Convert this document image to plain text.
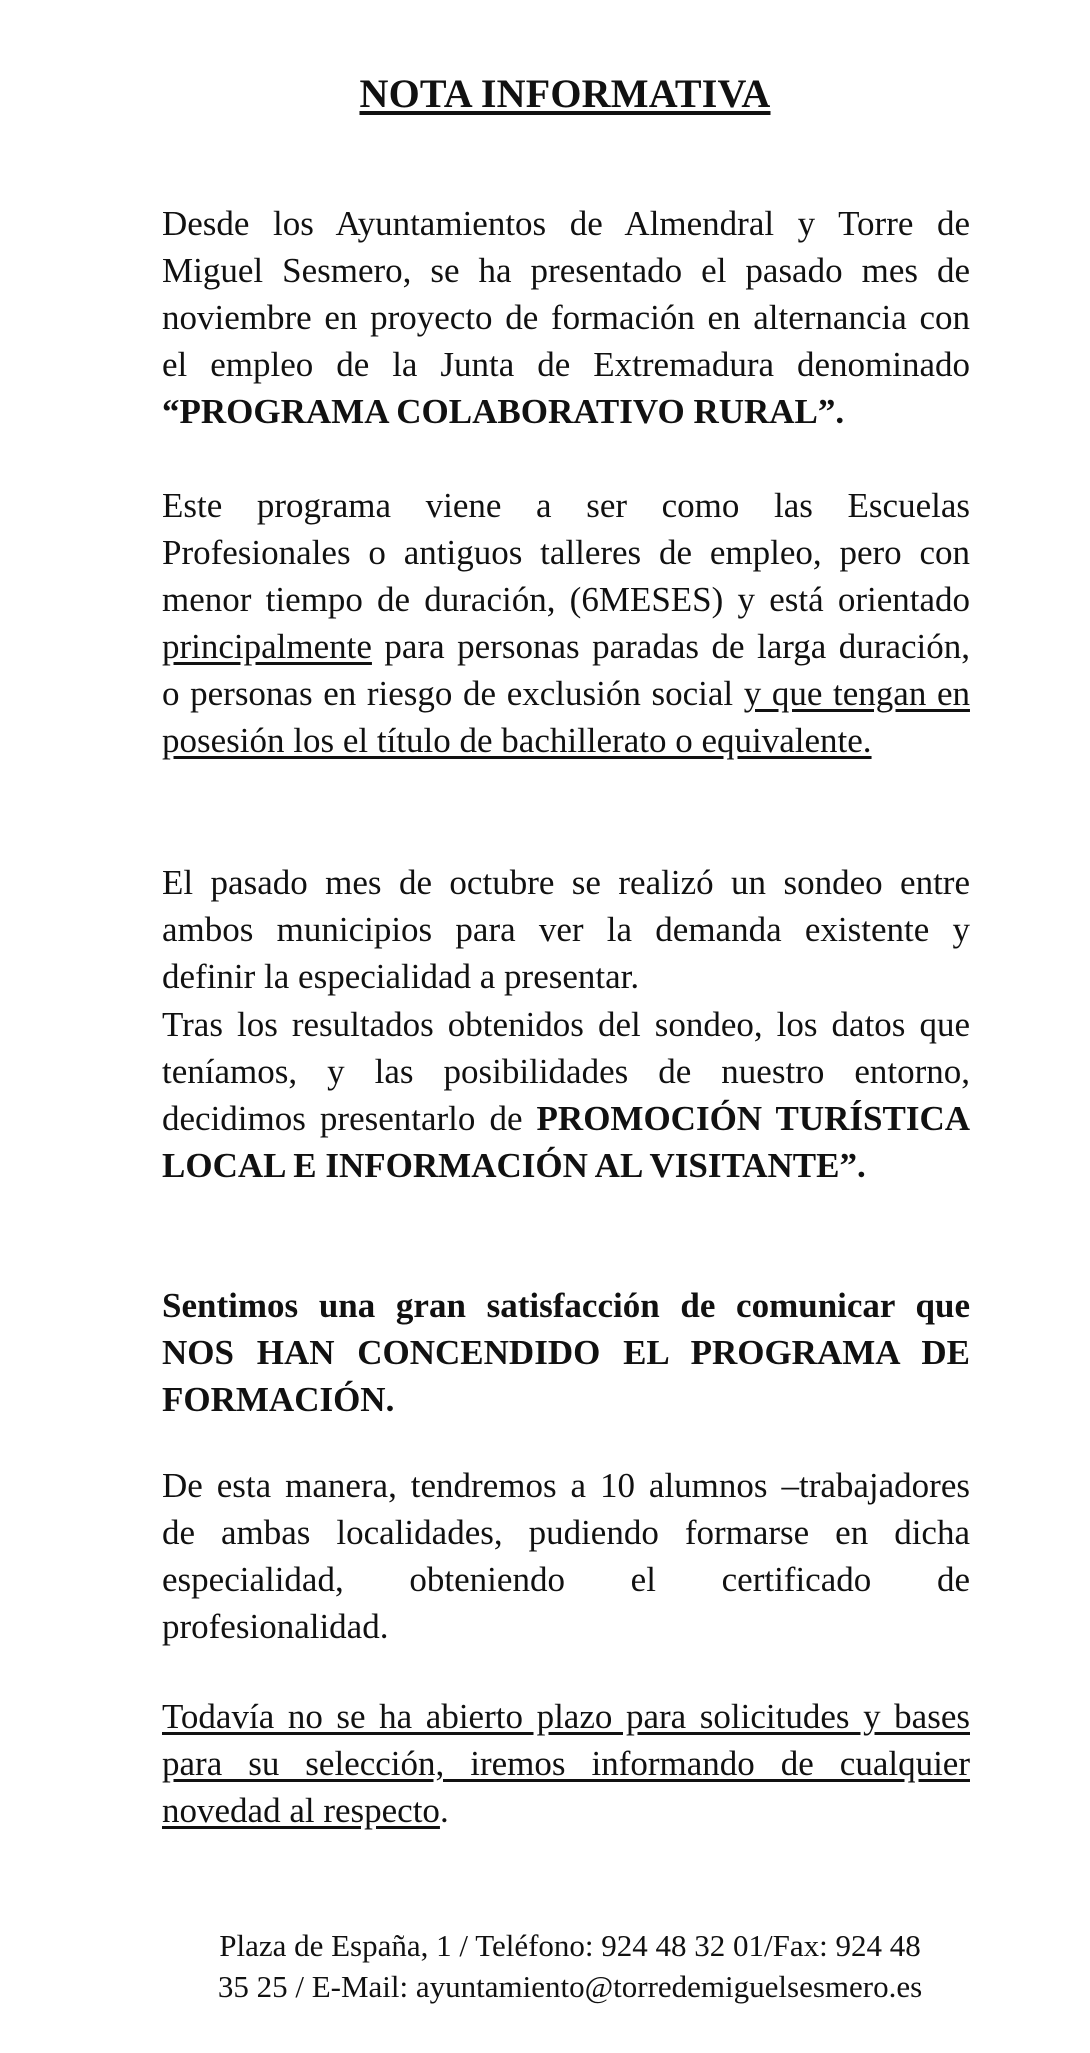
NOTA INFORMATIVA

Desde los Ayuntamientos de Almendral y Torre de Miguel Sesmero, se ha presentado el pasado mes de noviembre en proyecto de formación en alternancia con el empleo de la Junta de Extremadura denominado “PROGRAMA COLABORATIVO RURAL”.

Este programa viene a ser como las Escuelas Profesionales o antiguos talleres de empleo, pero con menor tiempo de duración, (6MESES) y está orientado principalmente para personas paradas de larga duración, o personas en riesgo de exclusión social y que tengan en posesión los el título de bachillerato o equivalente.

El pasado mes de octubre se realizó un sondeo entre ambos municipios para ver la demanda existente y definir la especialidad a presentar.

Tras los resultados obtenidos del sondeo, los datos que teníamos, y las posibilidades de nuestro entorno, decidimos presentarlo de PROMOCIÓN TURÍSTICA LOCAL E INFORMACIÓN AL VISITANTE”.

Sentimos una gran satisfacción de comunicar que NOS HAN CONCENDIDO EL PROGRAMA DE FORMACIÓN.

De esta manera, tendremos a 10 alumnos –trabajadores de ambas localidades, pudiendo formarse en dicha especialidad, obteniendo el certificado de profesionalidad.

Todavía no se ha abierto plazo para solicitudes y bases para su selección, iremos informando de cualquier novedad al respecto.

Plaza de España, 1 / Teléfono: 924 48 32 01/Fax: 924 48
35 25 / E-Mail: ayuntamiento@torredemiguelsesmero.es
